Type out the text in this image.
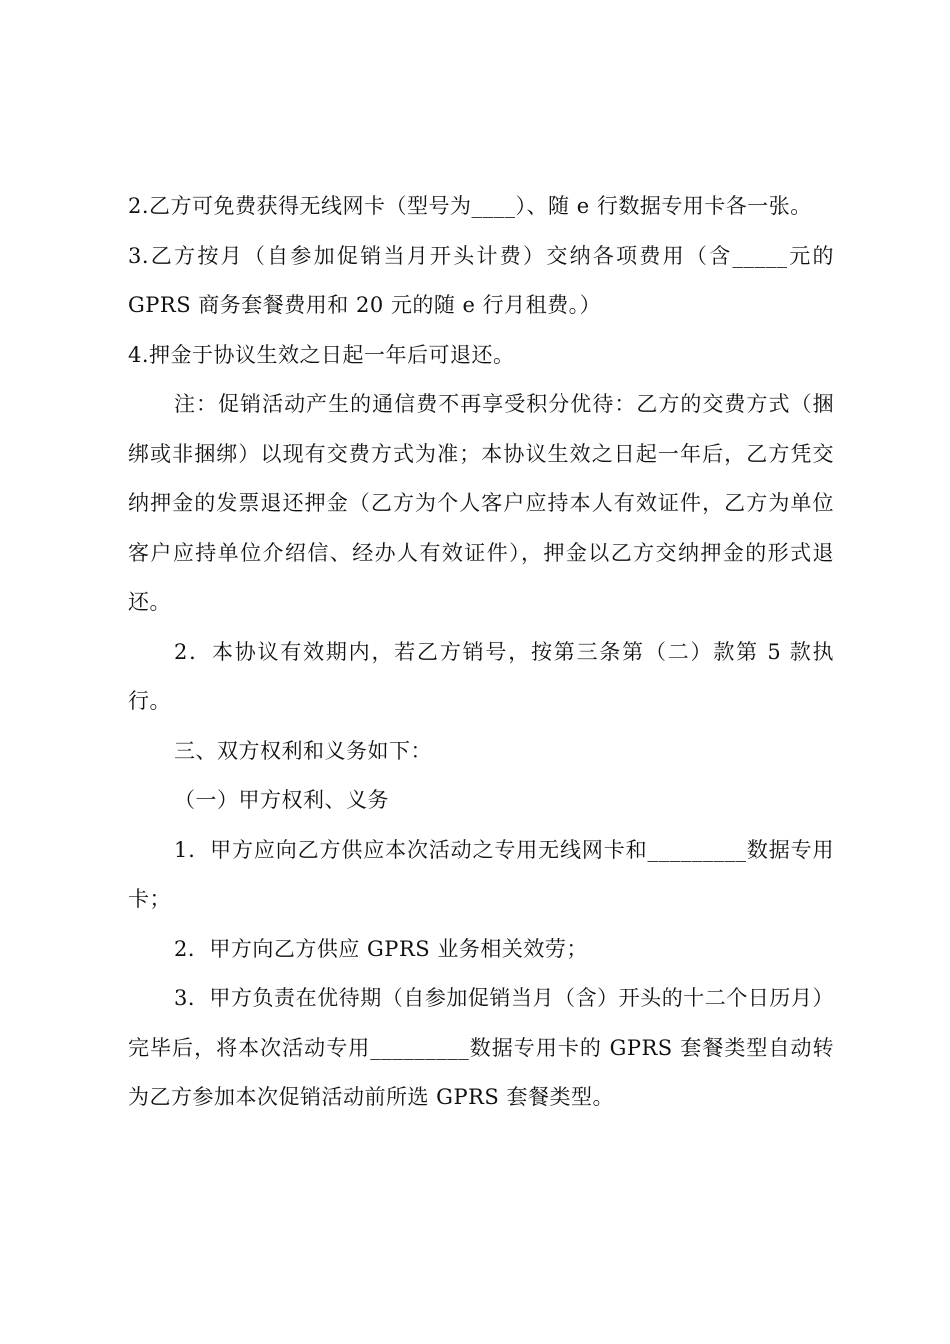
2.乙方可免费获得无线网卡（型号为____）、随 e 行数据专用卡各一张。

3.乙方按月（自参加促销当月开头计费）交纳各项费用（含_____元的 GPRS 商务套餐费用和 20 元的随 e 行月租费。）

4.押金于协议生效之日起一年后可退还。

注：促销活动产生的通信费不再享受积分优待：乙方的交费方式（捆绑或非捆绑）以现有交费方式为准；本协议生效之日起一年后，乙方凭交纳押金的发票退还押金（乙方为个人客户应持本人有效证件，乙方为单位客户应持单位介绍信、经办人有效证件），押金以乙方交纳押金的形式退还。

2．本协议有效期内，若乙方销号，按第三条第（二）款第 5 款执行。

三、双方权利和义务如下：

（一）甲方权利、义务

1．甲方应向乙方供应本次活动之专用无线网卡和_________数据专用卡；

2．甲方向乙方供应 GPRS 业务相关效劳；

3．甲方负责在优待期（自参加促销当月（含）开头的十二个日历月）完毕后，将本次活动专用_________数据专用卡的 GPRS 套餐类型自动转为乙方参加本次促销活动前所选 GPRS 套餐类型。
